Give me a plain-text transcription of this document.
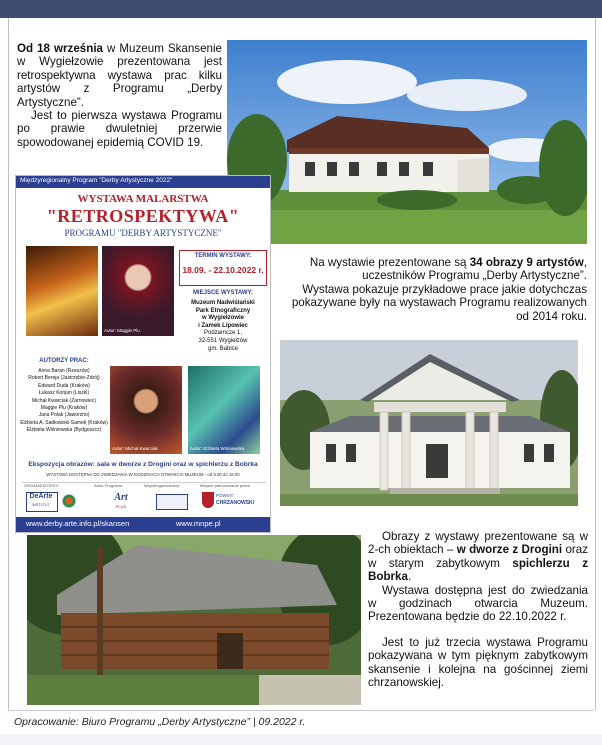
Od 18 września w Muzeum Skansenie w Wygiełzowie prezentowana jest retrospektywna wystawa prac kilku artystów z Programu „Derby Artystyczne”.

Jest to pierwsza wystawa Programu po prawie dwuletniej przerwie spowodowanej epidemią COVID 19.

Międzyregionalny Program "Derby Artystyczne 2022"
WYSTAWA MALARSTWA
"RETROSPEKTYWA"
PROGRAMU "DERBY ARTYSTYCZNE"
Autor: Maggie Plu
TERMIN WYSTAWY:
18.09. - 22.10.2022 r.
MIEJSCE WYSTAWY:
Muzeum Nadwiślański
Park Etnograficzny
w Wygiełzowie
i Zamek Lipowiec
Podzamcze 1,
32-551 Wygiełzów
gm. Babice
AUTORZY PRAC:
Anna Baran (Rzeszów)
Robert Bereja (Jastrzębie-Zdrój)
Edward Duda (Kraków)
Łukasz Konjan (Liszki)
Michał Kwarciak (Zarnowiec)
Maggie Plu (Kraków)
Jana Polak (Jaworzno)
Elżbieta A. Sadkowski-Samek (Kraków)
Elżbieta Wiśniewska (Bydgoszcz)
Autor: Michał Kwarciak	Autor: Elżbieta Wiśniewska
Ekspozycja obrazów: sala w dworze z Drogini oraz w spichlerzu z Bobrka
WYSTAWA DOSTĘPNA DO ZWIEDZANIA W GODZINACH OTWARCIA MUZEUM - od 9.00 do 18.00
ORGANIZATORZY:	Autor Programu:	Współorganizatorzy:	Miejsce patronowanie przez:
DeArte
INSTYTUT
Art
PLUS
POWIAT
CHRZANOWSKI
www.derby.arte.info.pl/skansen	www.mnpe.pl

Na wystawie prezentowane są 34 obrazy 9 artystów, uczestników Programu „Derby Artystyczne”.

Wystawa pokazuje przykładowe prace jakie dotychczas pokazywane były na wystawach Programu realizowanych od 2014 roku.

Obrazy z wystawy prezentowane są w 2-ch obiektach – w dworze z Drogini oraz w starym zabytkowym spichlerzu z Bobrka.

Wystawa dostępna jest do zwiedzania w godzinach otwarcia Muzeum. Prezentowana będzie do 22.10.2022 r.

Jest to już trzecia wystawa Programu pokazywana w tym pięknym zabytkowym skansenie i kolejna na gościnnej ziemi chrzanowskiej.

Opracowanie: Biuro Programu „Derby Artystyczne” | 09.2022 r.
